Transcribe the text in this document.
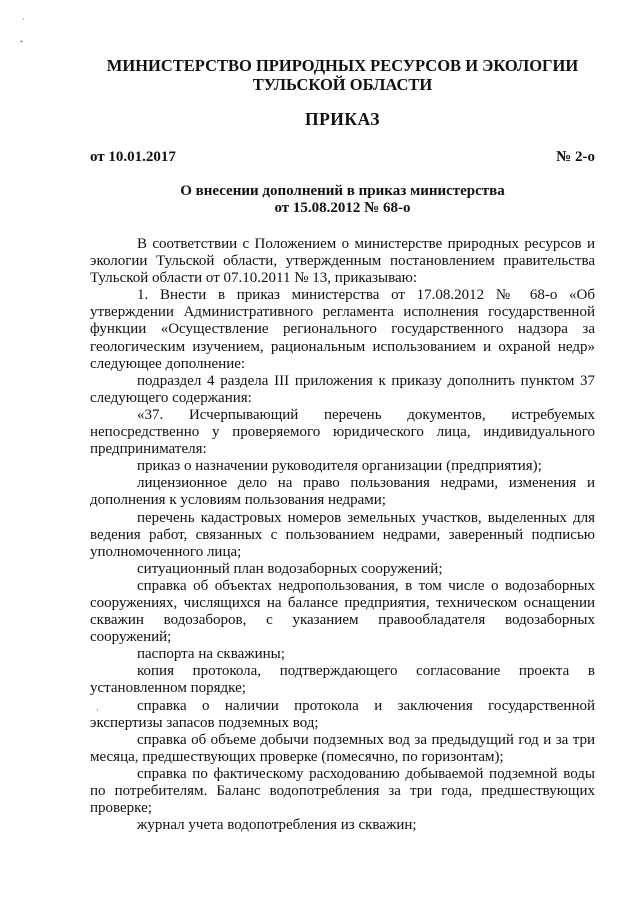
˙
ˇ
·
МИНИСТЕРСТВО ПРИРОДНЫХ РЕСУРСОВ И ЭКОЛОГИИ
ТУЛЬСКОЙ ОБЛАСТИ
ПРИКАЗ
от 10.01.2017	№ 2-о
О внесении дополнений в приказ министерства
от 15.08.2012 № 68-о

В соответствии с Положением о министерстве природных ресурсов и экологии Тульской области, утвержденным постановлением правительства Тульской области от 07.10.2011 № 13, приказываю:

1. Внести в приказ министерства от 17.08.2012 № 68-о «Об утверждении Административного регламента исполнения государственной функции «Осуществление регионального государственного надзора за геологическим изучением, рациональным использованием и охраной недр» следующее дополнение:

подраздел 4 раздела III приложения к приказу дополнить пунктом 37 следующего содержания:

«37. Исчерпывающий перечень документов, истребуемых непосредственно у проверяемого юридического лица, индивидуального предпринимателя:

приказ о назначении руководителя организации (предприятия);

лицензионное дело на право пользования недрами, изменения и дополнения к условиям пользования недрами;

перечень кадастровых номеров земельных участков, выделенных для ведения работ, связанных с пользованием недрами, заверенный подписью уполномоченного лица;

ситуационный план водозаборных сооружений;

справка об объектах недропользования, в том числе о водозаборных сооружениях, числящихся на балансе предприятия, техническом оснащении скважин водозаборов, с указанием правообладателя водозаборных сооружений;

паспорта на скважины;

копия протокола, подтверждающего согласование проекта в установленном порядке;

справка о наличии протокола и заключения государственной экспертизы запасов подземных вод;

справка об объеме добычи подземных вод за предыдущий год и за три месяца, предшествующих проверке (помесячно, по горизонтам);

справка по фактическому расходованию добываемой подземной воды по потребителям. Баланс водопотребления за три года, предшествующих проверке;

журнал учета водопотребления из скважин;
